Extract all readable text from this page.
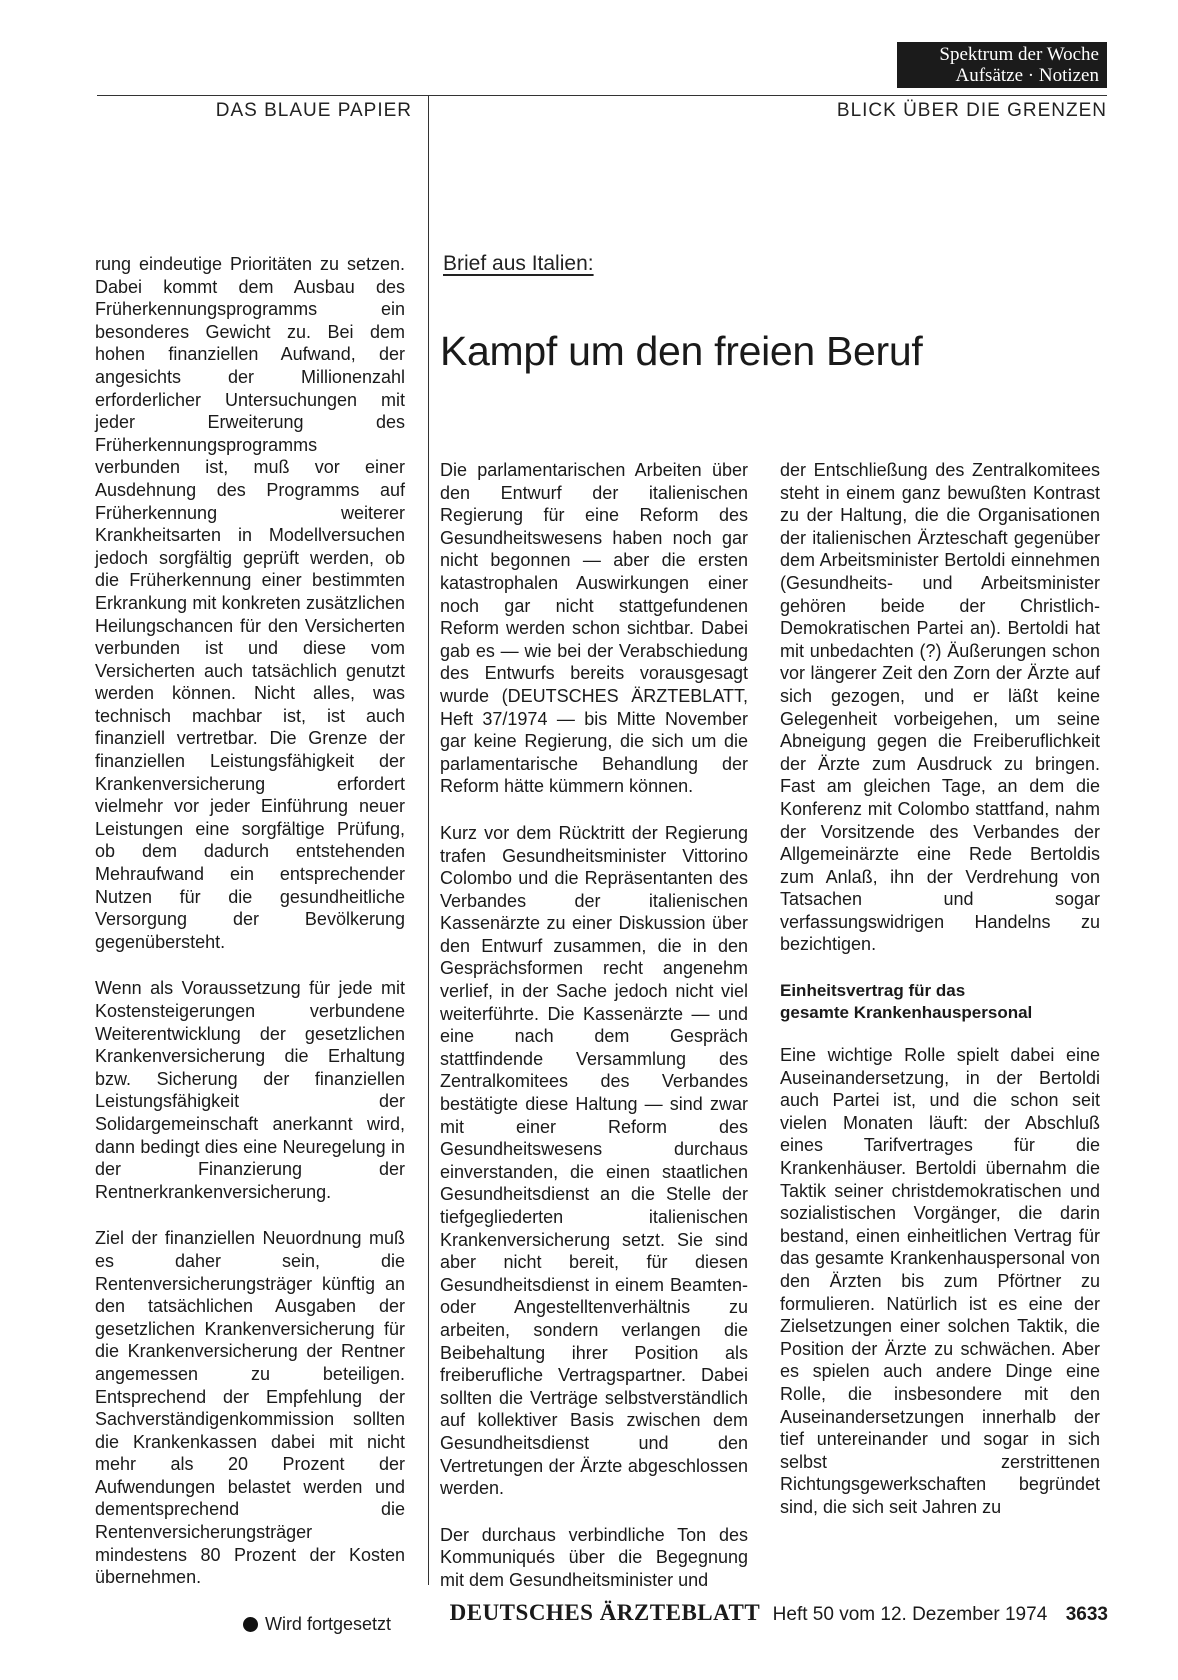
Spektrum der Woche
Aufsätze · Notizen
DAS BLAUE PAPIER	BLICK ÜBER DIE GRENZEN

rung eindeutige Prioritäten zu setzen. Dabei kommt dem Ausbau des Früherkennungsprogramms ein besonderes Gewicht zu. Bei dem hohen finanziellen Aufwand, der angesichts der Millionenzahl erforderlicher Untersuchungen mit jeder Erweiterung des Früherkennungsprogramms verbunden ist, muß vor einer Ausdehnung des Programms auf Früherkennung weiterer Krankheitsarten in Modellversuchen jedoch sorgfältig geprüft werden, ob die Früherkennung einer bestimmten Erkrankung mit konkreten zusätzlichen Heilungschancen für den Versicherten verbunden ist und diese vom Versicherten auch tatsächlich genutzt werden können. Nicht alles, was technisch machbar ist, ist auch finanziell vertretbar. Die Grenze der finanziellen Leistungsfähigkeit der Krankenversicherung erfordert vielmehr vor jeder Einführung neuer Leistungen eine sorgfältige Prüfung, ob dem dadurch entstehenden Mehraufwand ein entsprechender Nutzen für die gesundheitliche Versorgung der Bevölkerung gegenübersteht.

Wenn als Voraussetzung für jede mit Kostensteigerungen verbundene Weiterentwicklung der gesetzlichen Krankenversicherung die Erhaltung bzw. Sicherung der finanziellen Leistungsfähigkeit der Solidargemeinschaft anerkannt wird, dann bedingt dies eine Neuregelung in der Finanzierung der Rentnerkrankenversicherung.

Ziel der finanziellen Neuordnung muß es daher sein, die Rentenversicherungsträger künftig an den tatsächlichen Ausgaben der gesetzlichen Krankenversicherung für die Krankenversicherung der Rentner angemessen zu beteiligen. Entsprechend der Empfehlung der Sachverständigenkommission sollten die Krankenkassen dabei mit nicht mehr als 20 Prozent der Aufwendungen belastet werden und dementsprechend die Rentenversicherungsträger mindestens 80 Prozent der Kosten übernehmen.

Wird fortgesetzt
Brief aus Italien:
Kampf um den freien Beruf

Die parlamentarischen Arbeiten über den Entwurf der italienischen Regierung für eine Reform des Gesundheitswesens haben noch gar nicht begonnen — aber die ersten katastrophalen Auswirkungen einer noch gar nicht stattgefundenen Reform werden schon sichtbar. Dabei gab es — wie bei der Verabschiedung des Entwurfs bereits vorausgesagt wurde (DEUTSCHES ÄRZTEBLATT, Heft 37/1974 — bis Mitte November gar keine Regierung, die sich um die parlamentarische Behandlung der Reform hätte kümmern können.

Kurz vor dem Rücktritt der Regierung trafen Gesundheitsminister Vittorino Colombo und die Repräsentanten des Verbandes der italienischen Kassenärzte zu einer Diskussion über den Entwurf zusammen, die in den Gesprächsformen recht angenehm verlief, in der Sache jedoch nicht viel weiterführte. Die Kassenärzte — und eine nach dem Gespräch stattfindende Versammlung des Zentralkomitees des Verbandes bestätigte diese Haltung — sind zwar mit einer Reform des Gesundheitswesens durchaus einverstanden, die einen staatlichen Gesundheitsdienst an die Stelle der tiefgegliederten italienischen Krankenversicherung setzt. Sie sind aber nicht bereit, für diesen Gesundheitsdienst in einem Beamten- oder Angestelltenverhältnis zu arbeiten, sondern verlangen die Beibehaltung ihrer Position als freiberufliche Vertragspartner. Dabei sollten die Verträge selbstverständlich auf kollektiver Basis zwischen dem Gesundheitsdienst und den Vertretungen der Ärzte abgeschlossen werden.

Der durchaus verbindliche Ton des Kommuniqués über die Begegnung mit dem Gesundheitsminister und

der Entschließung des Zentralkomitees steht in einem ganz bewußten Kontrast zu der Haltung, die die Organisationen der italienischen Ärzteschaft gegenüber dem Arbeitsminister Bertoldi einnehmen (Gesundheits- und Arbeitsminister gehören beide der Christlich-Demokratischen Partei an). Bertoldi hat mit unbedachten (?) Äußerungen schon vor längerer Zeit den Zorn der Ärzte auf sich gezogen, und er läßt keine Gelegenheit vorbeigehen, um seine Abneigung gegen die Freiberuflichkeit der Ärzte zum Ausdruck zu bringen. Fast am gleichen Tage, an dem die Konferenz mit Colombo stattfand, nahm der Vorsitzende des Verbandes der Allgemeinärzte eine Rede Bertoldis zum Anlaß, ihn der Verdrehung von Tatsachen und sogar verfassungswidrigen Handelns zu bezichtigen.

Einheitsvertrag für das
gesamte Krankenhauspersonal

Eine wichtige Rolle spielt dabei eine Auseinandersetzung, in der Bertoldi auch Partei ist, und die schon seit vielen Monaten läuft: der Abschluß eines Tarifvertrages für die Krankenhäuser. Bertoldi übernahm die Taktik seiner christdemokratischen und sozialistischen Vorgänger, die darin bestand, einen einheitlichen Vertrag für das gesamte Krankenhauspersonal von den Ärzten bis zum Pförtner zu formulieren. Natürlich ist es eine der Zielsetzungen einer solchen Taktik, die Position der Ärzte zu schwächen. Aber es spielen auch andere Dinge eine Rolle, die insbesondere mit den Auseinandersetzungen innerhalb der tief untereinander und sogar in sich selbst zerstrittenen Richtungsgewerkschaften begründet sind, die sich seit Jahren zu

DEUTSCHES ÄRZTEBLATT Heft 50 vom 12. Dezember 1974 3633
